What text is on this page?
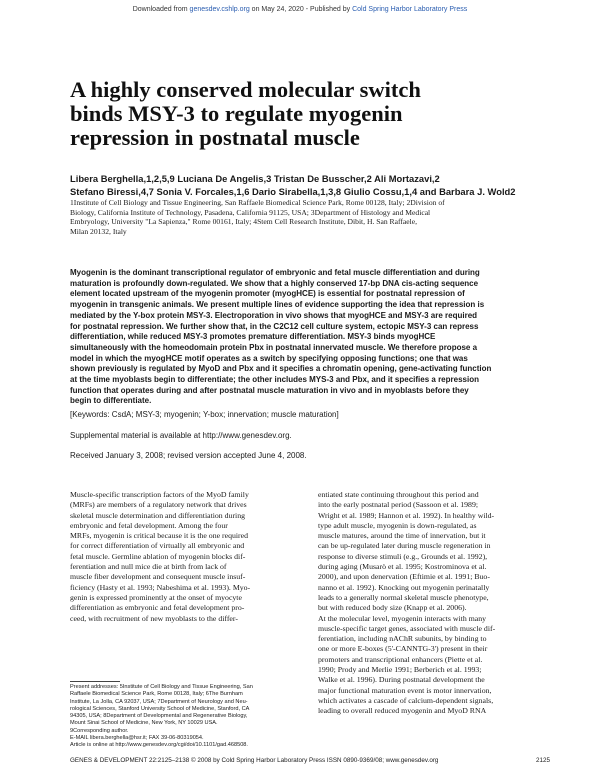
Downloaded from genesdev.cshlp.org on May 24, 2020 - Published by Cold Spring Harbor Laboratory Press
A highly conserved molecular switch
binds MSY-3 to regulate myogenin
repression in postnatal muscle
Libera Berghella,1,2,5,9 Luciana De Angelis,3 Tristan De Busscher,2 Ali Mortazavi,2
Stefano Biressi,4,7 Sonia V. Forcales,1,6 Dario Sirabella,1,3,8 Giulio Cossu,1,4 and Barbara J. Wold2
1Institute of Cell Biology and Tissue Engineering, San Raffaele Biomedical Science Park, Rome 00128, Italy; 2Division of
Biology, California Institute of Technology, Pasadena, California 91125, USA; 3Department of Histology and Medical
Embryology, University "La Sapienza," Rome 00161, Italy; 4Stem Cell Research Institute, Dibit, H. San Raffaele,
Milan 20132, Italy
Myogenin is the dominant transcriptional regulator of embryonic and fetal muscle differentiation and during
maturation is profoundly down-regulated. We show that a highly conserved 17-bp DNA cis-acting sequence
element located upstream of the myogenin promoter (myogHCE) is essential for postnatal repression of
myogenin in transgenic animals. We present multiple lines of evidence supporting the idea that repression is
mediated by the Y-box protein MSY-3. Electroporation in vivo shows that myogHCE and MSY-3 are required
for postnatal repression. We further show that, in the C2C12 cell culture system, ectopic MSY-3 can repress
differentiation, while reduced MSY-3 promotes premature differentiation. MSY-3 binds myogHCE
simultaneously with the homeodomain protein Pbx in postnatal innervated muscle. We therefore propose a
model in which the myogHCE motif operates as a switch by specifying opposing functions; one that was
shown previously is regulated by MyoD and Pbx and it specifies a chromatin opening, gene-activating function
at the time myoblasts begin to differentiate; the other includes MYS-3 and Pbx, and it specifies a repression
function that operates during and after postnatal muscle maturation in vivo and in myoblasts before they
begin to differentiate.
[Keywords: CsdA; MSY-3; myogenin; Y-box; innervation; muscle maturation]
Supplemental material is available at http://www.genesdev.org.
Received January 3, 2008; revised version accepted June 4, 2008.
Muscle-specific transcription factors of the MyoD family
(MRFs) are members of a regulatory network that drives
skeletal muscle determination and differentiation during
embryonic and fetal development. Among the four
MRFs, myogenin is critical because it is the one required
for correct differentiation of virtually all embryonic and
fetal muscle. Germline ablation of myogenin blocks dif-
ferentiation and null mice die at birth from lack of
muscle fiber development and consequent muscle insuf-
ficiency (Hasty et al. 1993; Nabeshima et al. 1993). Myo-
genin is expressed prominently at the onset of myocyte
differentiation as embryonic and fetal development pro-
ceed, with recruitment of new myoblasts to the differ-
entiated state continuing throughout this period and
into the early postnatal period (Sassoon et al. 1989;
Wright et al. 1989; Hannon et al. 1992). In healthy wild-
type adult muscle, myogenin is down-regulated, as
muscle matures, around the time of innervation, but it
can be up-regulated later during muscle regeneration in
response to diverse stimuli (e.g., Grounds et al. 1992),
during aging (Musarò et al. 1995; Kostrominova et al.
2000), and upon denervation (Eftimie et al. 1991; Buo-
nanno et al. 1992). Knocking out myogenin perinatally
leads to a generally normal skeletal muscle phenotype,
but with reduced body size (Knapp et al. 2006).
At the molecular level, myogenin interacts with many
muscle-specific target genes, associated with muscle dif-
ferentiation, including nAChR subunits, by binding to
one or more E-boxes (5'-CANNTG-3') present in their
promoters and transcriptional enhancers (Piette et al.
1990; Prody and Merlie 1991; Berberich et al. 1993;
Walke et al. 1996). During postnatal development the
major functional maturation event is motor innervation,
which activates a cascade of calcium-dependent signals,
leading to overall reduced myogenin and MyoD RNA
Present addresses: 5Institute of Cell Biology and Tissue Engineering, San
Raffaele Biomedical Science Park, Rome 00128, Italy; 6The Burnham
Institute, La Jolla, CA 92037, USA; 7Department of Neurology and Neu-
rological Sciences, Stanford University School of Medicine, Stanford, CA
94305, USA; 8Department of Developmental and Regenerative Biology,
Mount Sinai School of Medicine, New York, NY 10029 USA.
9Corresponding author.
E-MAIL libera.berghella@hsr.it; FAX 39-06-80319054.
Article is online at http://www.genesdev.org/cgi/doi/10.1101/gad.468508.
GENES & DEVELOPMENT 22:2125–2138 © 2008 by Cold Spring Harbor Laboratory Press ISSN 0890-9369/08; www.genesdev.org	2125
